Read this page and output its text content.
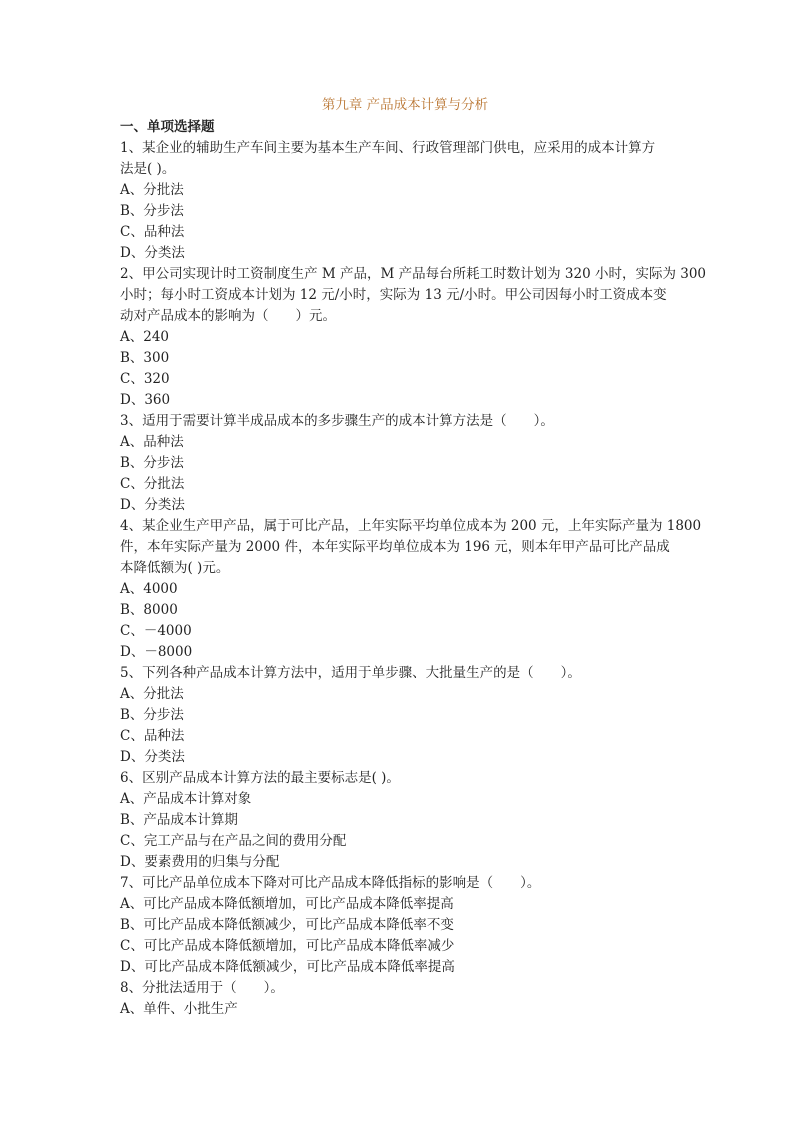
第九章 产品成本计算与分析
一、单项选择题
1、某企业的辅助生产车间主要为基本生产车间、行政管理部门供电，应采用的成本计算方
法是( )。
A、分批法
B、分步法
C、品种法
D、分类法
2、甲公司实现计时工资制度生产 M 产品，M 产品每台所耗工时数计划为 320 小时，实际为 300
小时；每小时工资成本计划为 12 元/小时，实际为 13 元/小时。甲公司因每小时工资成本变
动对产品成本的影响为（　　）元。
A、240
B、300
C、320
D、360
3、适用于需要计算半成品成本的多步骤生产的成本计算方法是（　　）。
A、品种法
B、分步法
C、分批法
D、分类法
4、某企业生产甲产品，属于可比产品，上年实际平均单位成本为 200 元，上年实际产量为 1800
件，本年实际产量为 2000 件，本年实际平均单位成本为 196 元，则本年甲产品可比产品成
本降低额为( )元。
A、4000
B、8000
C、－4000
D、－8000
5、下列各种产品成本计算方法中，适用于单步骤、大批量生产的是（　　）。
A、分批法
B、分步法
C、品种法
D、分类法
6、区别产品成本计算方法的最主要标志是( )。
A、产品成本计算对象
B、产品成本计算期
C、完工产品与在产品之间的费用分配
D、要素费用的归集与分配
7、可比产品单位成本下降对可比产品成本降低指标的影响是（　　）。
A、可比产品成本降低额增加，可比产品成本降低率提高
B、可比产品成本降低额减少，可比产品成本降低率不变
C、可比产品成本降低额增加，可比产品成本降低率减少
D、可比产品成本降低额减少，可比产品成本降低率提高
8、分批法适用于（　　）。
A、单件、小批生产
